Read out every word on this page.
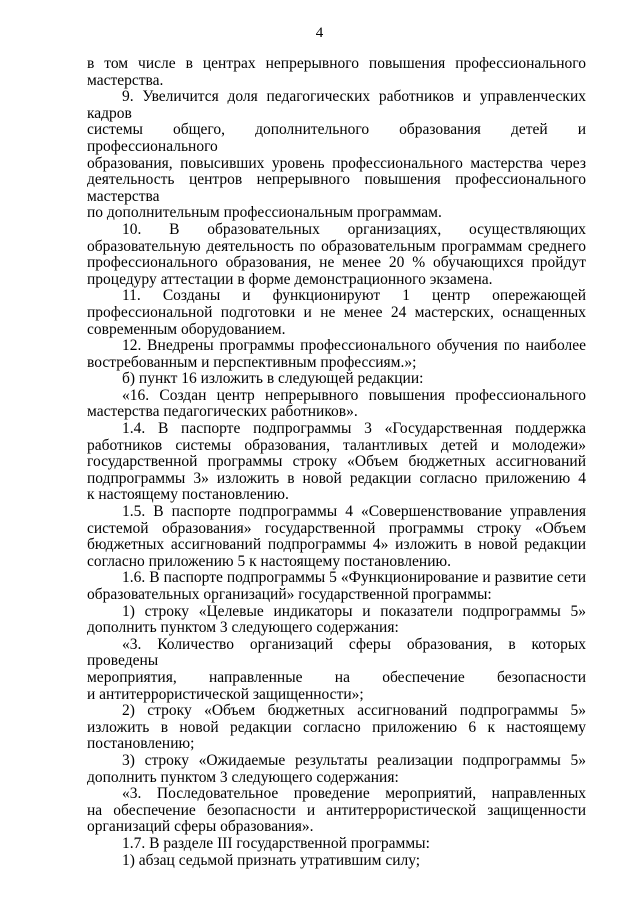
4
в том числе в центрах непрерывного повышения профессионального
мастерства.
9. Увеличится доля педагогических работников и управленческих кадров
системы общего, дополнительного образования детей и профессионального
образования, повысивших уровень профессионального мастерства через
деятельность центров непрерывного повышения профессионального мастерства
по дополнительным профессиональным программам.
10. В образовательных организациях, осуществляющих
образовательную деятельность по образовательным программам среднего
профессионального образования, не менее 20 % обучающихся пройдут
процедуру аттестации в форме демонстрационного экзамена.
11. Созданы и функционируют 1 центр опережающей
профессиональной подготовки и не менее 24 мастерских, оснащенных
современным оборудованием.
12. Внедрены программы профессионального обучения по наиболее
востребованным и перспективным профессиям.»;
б) пункт 16 изложить в следующей редакции:
«16. Создан центр непрерывного повышения профессионального
мастерства педагогических работников».
1.4. В паспорте подпрограммы 3 «Государственная поддержка
работников системы образования, талантливых детей и молодежи»
государственной программы строку «Объем бюджетных ассигнований
подпрограммы 3» изложить в новой редакции согласно приложению 4
к настоящему постановлению.
1.5. В паспорте подпрограммы 4 «Совершенствование управления
системой образования» государственной программы строку «Объем
бюджетных ассигнований подпрограммы 4» изложить в новой редакции
согласно приложению 5 к настоящему постановлению.
1.6. В паспорте подпрограммы 5 «Функционирование и развитие сети
образовательных организаций» государственной программы:
1) строку «Целевые индикаторы и показатели подпрограммы 5»
дополнить пунктом 3 следующего содержания:
«3. Количество организаций сферы образования, в которых проведены
мероприятия, направленные на обеспечение безопасности
и антитеррористической защищенности»;
2) строку «Объем бюджетных ассигнований подпрограммы 5»
изложить в новой редакции согласно приложению 6 к настоящему
постановлению;
3) строку «Ожидаемые результаты реализации подпрограммы 5»
дополнить пунктом 3 следующего содержания:
«3. Последовательное проведение мероприятий, направленных
на обеспечение безопасности и антитеррористической защищенности
организаций сферы образования».
1.7. В разделе III государственной программы:
1) абзац седьмой признать утратившим силу;
